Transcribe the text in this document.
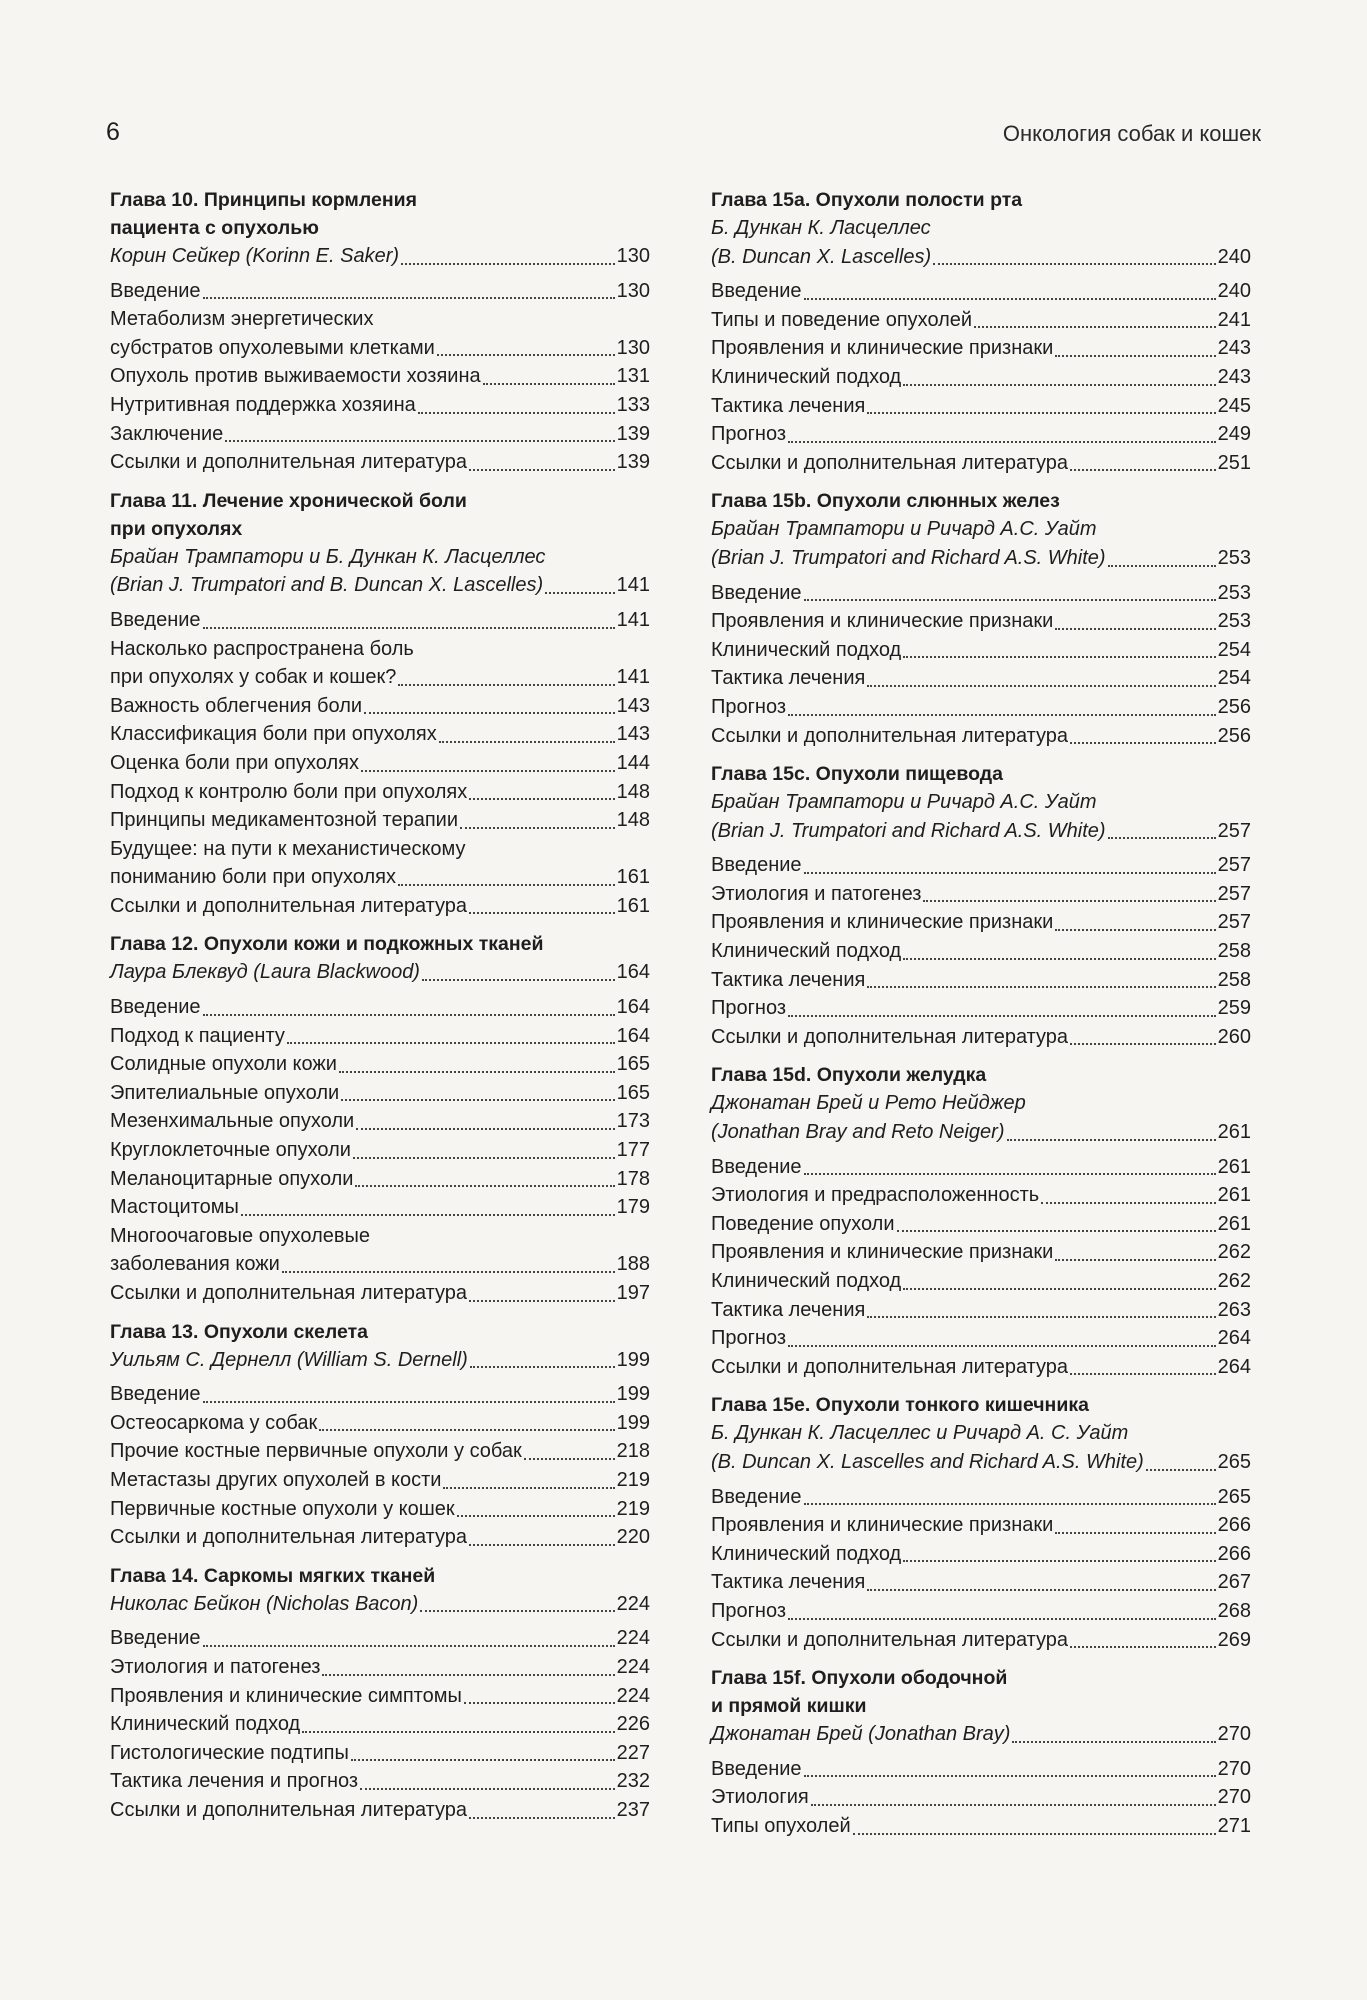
6	Онкология собак и кошек
Глава 10. Принципы кормления
пациента с опухолью
Корин Сейкер (Korinn E. Saker)	130
Введение	130
Метаболизм энергетических
субстратов опухолевыми клетками	130
Опухоль против выживаемости хозяина	131
Нутритивная поддержка хозяина	133
Заключение	139
Ссылки и дополнительная литература	139
Глава 11. Лечение хронической боли
при опухолях
Брайан Трампатори и Б. Дункан К. Ласцеллес
(Brian J. Trumpatori and B. Duncan X. Lascelles)	141
Введение	141
Насколько распространена боль
при опухолях у собак и кошек?	141
Важность облегчения боли	143
Классификация боли при опухолях	143
Оценка боли при опухолях	144
Подход к контролю боли при опухолях	148
Принципы медикаментозной терапии	148
Будущее: на пути к механистическому
пониманию боли при опухолях	161
Ссылки и дополнительная литература	161
Глава 12. Опухоли кожи и подкожных тканей
Лаура Блеквуд (Laura Blackwood)	164
Введение	164
Подход к пациенту	164
Солидные опухоли кожи	165
Эпителиальные опухоли	165
Мезенхимальные опухоли	173
Круглоклеточные опухоли	177
Меланоцитарные опухоли	178
Мастоцитомы	179
Многоочаговые опухолевые
заболевания кожи	188
Ссылки и дополнительная литература	197
Глава 13. Опухоли скелета
Уильям С. Дернелл (William S. Dernell)	199
Введение	199
Остеосаркома у собак	199
Прочие костные первичные опухоли у собак	218
Метастазы других опухолей в кости	219
Первичные костные опухоли у кошек	219
Ссылки и дополнительная литература	220
Глава 14. Саркомы мягких тканей
Николас Бейкон (Nicholas Bacon)	224
Введение	224
Этиология и патогенез	224
Проявления и клинические симптомы	224
Клинический подход	226
Гистологические подтипы	227
Тактика лечения и прогноз	232
Ссылки и дополнительная литература	237
Глава 15a. Опухоли полости рта
Б. Дункан К. Ласцеллес
(B. Duncan X. Lascelles)	240
Введение	240
Типы и поведение опухолей	241
Проявления и клинические признаки	243
Клинический подход	243
Тактика лечения	245
Прогноз	249
Ссылки и дополнительная литература	251
Глава 15b. Опухоли слюнных желез
Брайан Трампатори и Ричард А.С. Уайт
(Brian J. Trumpatori and Richard A.S. White)	253
Введение	253
Проявления и клинические признаки	253
Клинический подход	254
Тактика лечения	254
Прогноз	256
Ссылки и дополнительная литература	256
Глава 15c. Опухоли пищевода
Брайан Трампатори и Ричард А.С. Уайт
(Brian J. Trumpatori and Richard A.S. White)	257
Введение	257
Этиология и патогенез	257
Проявления и клинические признаки	257
Клинический подход	258
Тактика лечения	258
Прогноз	259
Ссылки и дополнительная литература	260
Глава 15d. Опухоли желудка
Джонатан Брей и Рето Нейджер
(Jonathan Bray and Reto Neiger)	261
Введение	261
Этиология и предрасположенность	261
Поведение опухоли	261
Проявления и клинические признаки	262
Клинический подход	262
Тактика лечения	263
Прогноз	264
Ссылки и дополнительная литература	264
Глава 15e. Опухоли тонкого кишечника
Б. Дункан К. Ласцеллес и Ричард А. С. Уайт
(B. Duncan X. Lascelles and Richard A.S. White)	265
Введение	265
Проявления и клинические признаки	266
Клинический подход	266
Тактика лечения	267
Прогноз	268
Ссылки и дополнительная литература	269
Глава 15f. Опухоли ободочной
и прямой кишки
Джонатан Брей (Jonathan Bray)	270
Введение	270
Этиология	270
Типы опухолей	271
